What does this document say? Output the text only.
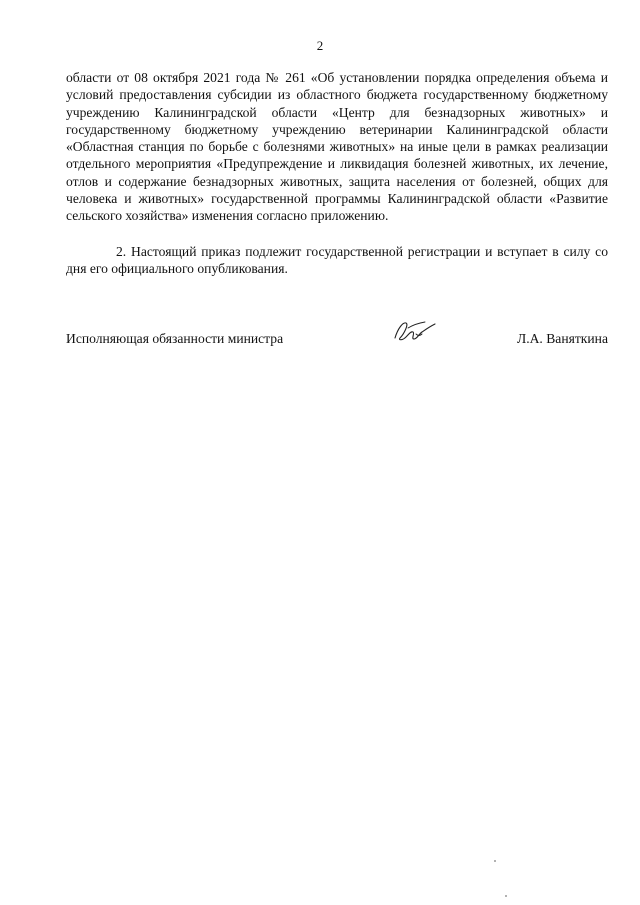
2

области от 08 октября 2021 года № 261 «Об установлении порядка определения объема и условий предоставления субсидии из областного бюджета государственному бюджетному учреждению Калининградской области «Центр для безнадзорных животных» и государственному бюджетному учреждению ветеринарии Калининградской области «Областная станция по борьбе с болезнями животных» на иные цели в рамках реализации отдельного мероприятия «Предупреждение и ликвидация болезней животных, их лечение, отлов и содержание безнадзорных животных, защита населения от болезней, общих для человека и животных» государственной программы Калининградской области «Развитие сельского хозяйства» изменения согласно приложению.

2. Настоящий приказ подлежит государственной регистрации и вступает в силу со дня его официального опубликования.

Исполняющая обязанности министра	Л.А. Ваняткина
